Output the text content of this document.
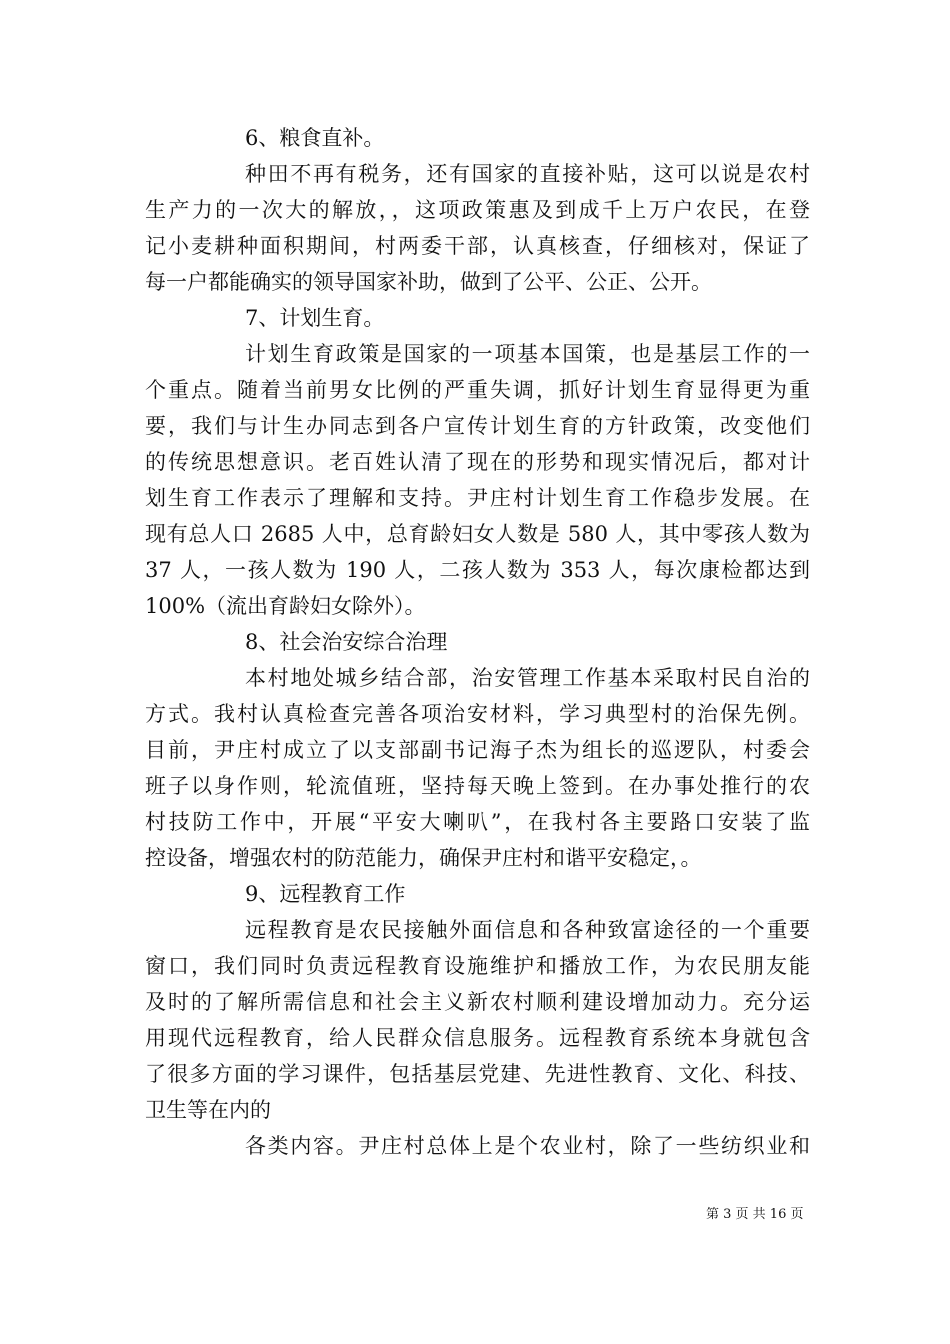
6、粮食直补。
种田不再有税务，还有国家的直接补贴，这可以说是农村
生产力的一次大的解放，，这项政策惠及到成千上万户农民，在登
记小麦耕种面积期间，村两委干部，认真核查，仔细核对，保证了
每一户都能确实的领导国家补助，做到了公平、公正、公开。
7、计划生育。
计划生育政策是国家的一项基本国策，也是基层工作的一
个重点。随着当前男女比例的严重失调，抓好计划生育显得更为重
要，我们与计生办同志到各户宣传计划生育的方针政策，改变他们
的传统思想意识。老百姓认清了现在的形势和现实情况后，都对计
划生育工作表示了理解和支持。尹庄村计划生育工作稳步发展。在
现有总人口 2685 人中，总育龄妇女人数是 580 人，其中零孩人数为
37 人，一孩人数为 190 人，二孩人数为 353 人，每次康检都达到
100%（流出育龄妇女除外）。
8、社会治安综合治理
本村地处城乡结合部，治安管理工作基本采取村民自治的
方式。我村认真检查完善各项治安材料，学习典型村的治保先例。
目前，尹庄村成立了以支部副书记海子杰为组长的巡逻队，村委会
班子以身作则，轮流值班，坚持每天晚上签到。在办事处推行的农
村技防工作中，开展“平安大喇叭”，在我村各主要路口安装了监
控设备，增强农村的防范能力，确保尹庄村和谐平安稳定，。
9、远程教育工作
远程教育是农民接触外面信息和各种致富途径的一个重要
窗口，我们同时负责远程教育设施维护和播放工作，为农民朋友能
及时的了解所需信息和社会主义新农村顺利建设增加动力。充分运
用现代远程教育，给人民群众信息服务。远程教育系统本身就包含
了很多方面的学习课件，包括基层党建、先进性教育、文化、科技、
卫生等在内的
各类内容。尹庄村总体上是个农业村，除了一些纺织业和
第 3 页 共 16 页
